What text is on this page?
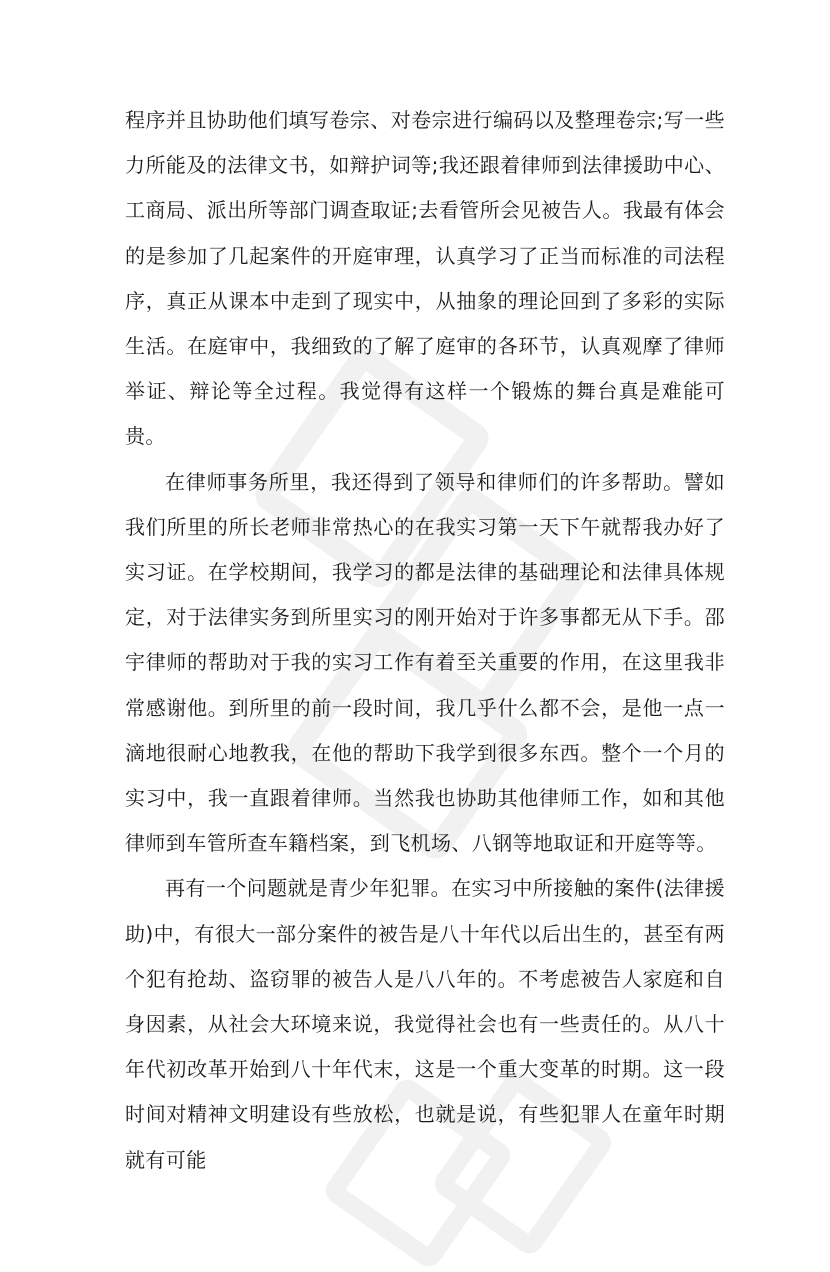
程序并且协助他们填写卷宗、对卷宗进行编码以及整理卷宗;写一些力所能及的法律文书，如辩护词等;我还跟着律师到法律援助中心、工商局、派出所等部门调查取证;去看管所会见被告人。我最有体会的是参加了几起案件的开庭审理，认真学习了正当而标准的司法程序，真正从课本中走到了现实中，从抽象的理论回到了多彩的实际生活。在庭审中，我细致的了解了庭审的各环节，认真观摩了律师举证、辩论等全过程。我觉得有这样一个锻炼的舞台真是难能可贵。

在律师事务所里，我还得到了领导和律师们的许多帮助。譬如我们所里的所长老师非常热心的在我实习第一天下午就帮我办好了实习证。在学校期间，我学习的都是法律的基础理论和法律具体规定，对于法律实务到所里实习的刚开始对于许多事都无从下手。邵宇律师的帮助对于我的实习工作有着至关重要的作用，在这里我非常感谢他。到所里的前一段时间，我几乎什么都不会，是他一点一滴地很耐心地教我，在他的帮助下我学到很多东西。整个一个月的实习中，我一直跟着律师。当然我也协助其他律师工作，如和其他律师到车管所查车籍档案，到飞机场、八钢等地取证和开庭等等。

再有一个问题就是青少年犯罪。在实习中所接触的案件(法律援助)中，有很大一部分案件的被告是八十年代以后出生的，甚至有两个犯有抢劫、盗窃罪的被告人是八八年的。不考虑被告人家庭和自身因素，从社会大环境来说，我觉得社会也有一些责任的。从八十年代初改革开始到八十年代末，这是一个重大变革的时期。这一段时间对精神文明建设有些放松，也就是说，有些犯罪人在童年时期就有可能
